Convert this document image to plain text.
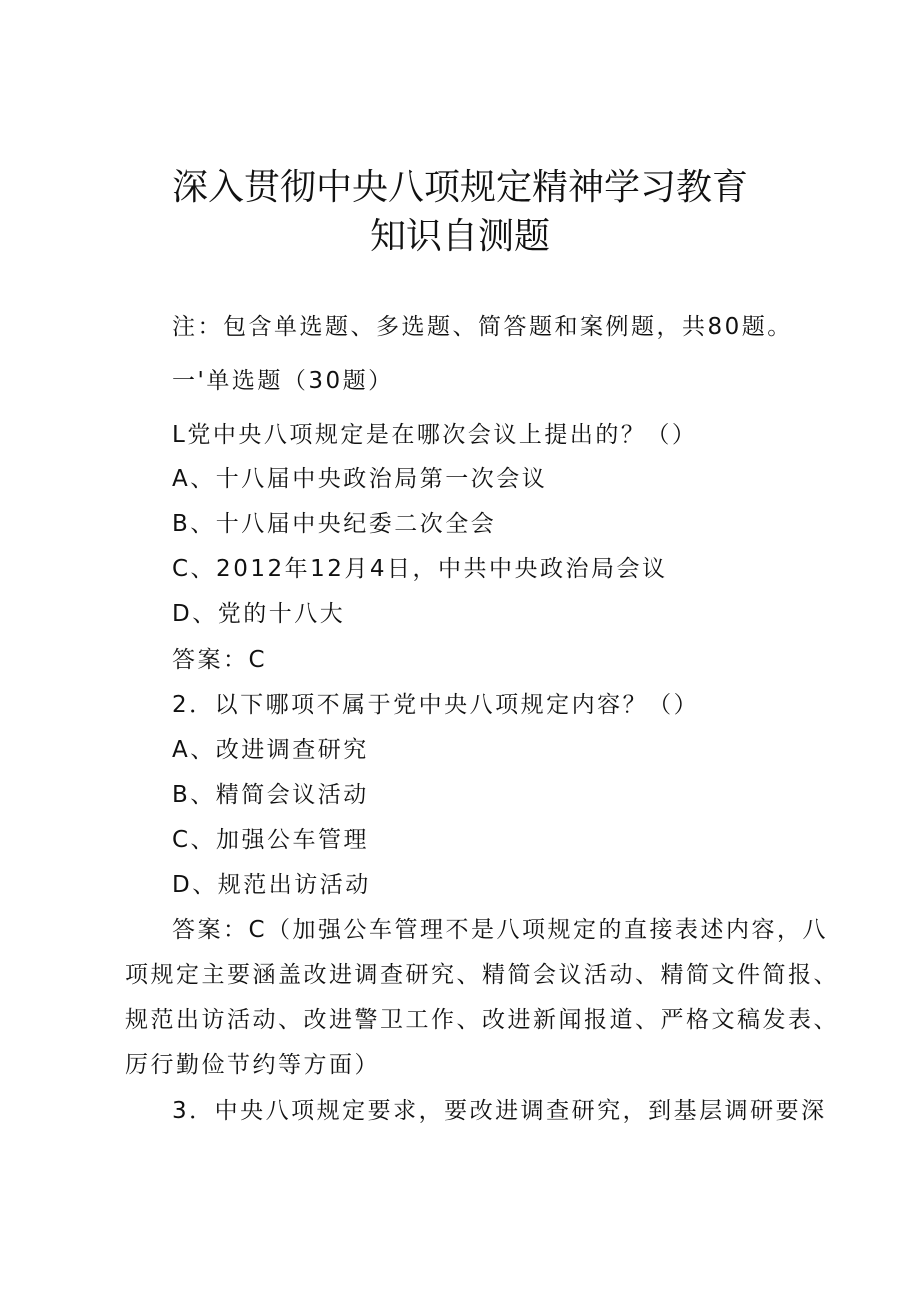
深入贯彻中央八项规定精神学习教育
知识自测题
注：包含单选题、多选题、简答题和案例题，共80题。
一'单选题（30题）
L党中央八项规定是在哪次会议上提出的？（）
A、十八届中央政治局第一次会议
B、十八届中央纪委二次全会
C、2012年12月4日，中共中央政治局会议
D、党的十八大
答案：C
2．以下哪项不属于党中央八项规定内容？（）
A、改进调查研究
B、精简会议活动
C、加强公车管理
D、规范出访活动
答案：C（加强公车管理不是八项规定的直接表述内容，八
项规定主要涵盖改进调查研究、精简会议活动、精简文件简报、
规范出访活动、改进警卫工作、改进新闻报道、严格文稿发表、
厉行勤俭节约等方面）
3．中央八项规定要求，要改进调查研究，到基层调研要深
